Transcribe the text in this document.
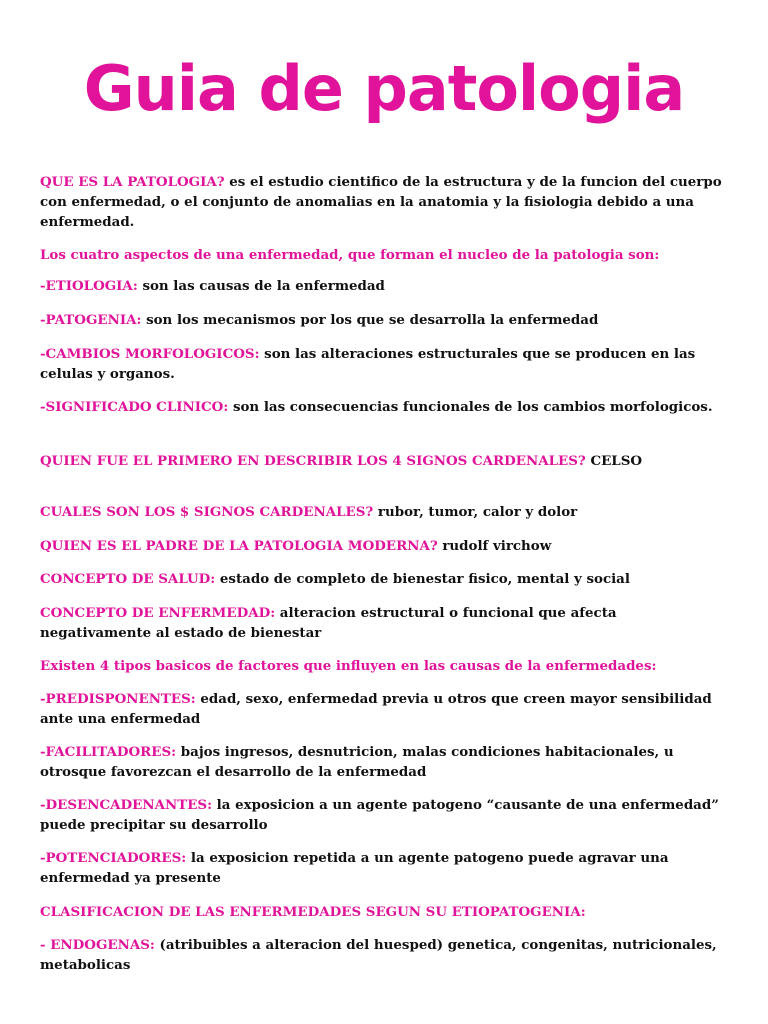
Guia de patologia

QUE ES LA PATOLOGIA? es el estudio cientifico de la estructura y de la funcion del cuerpo con enfermedad, o el conjunto de anomalias en la anatomia y la fisiologia debido a una enfermedad.

Los cuatro aspectos de una enfermedad, que forman el nucleo de la patologia son:

-ETIOLOGIA: son las causas de la enfermedad

-PATOGENIA: son los mecanismos por los que se desarrolla la enfermedad

-CAMBIOS MORFOLOGICOS: son las alteraciones estructurales que se producen en las celulas y organos.

-SIGNIFICADO CLINICO: son las consecuencias funcionales de los cambios morfologicos.

QUIEN FUE EL PRIMERO EN DESCRIBIR LOS 4 SIGNOS CARDENALES? CELSO

CUALES SON LOS $ SIGNOS CARDENALES? rubor, tumor, calor y dolor

QUIEN ES EL PADRE DE LA PATOLOGIA MODERNA? rudolf virchow

CONCEPTO DE SALUD: estado de completo de bienestar fisico, mental y social

CONCEPTO DE ENFERMEDAD: alteracion estructural o funcional que afecta negativamente al estado de bienestar

Existen 4 tipos basicos de factores que influyen en las causas de la enfermedades:

-PREDISPONENTES: edad, sexo, enfermedad previa u otros que creen mayor sensibilidad ante una enfermedad

-FACILITADORES: bajos ingresos, desnutricion, malas condiciones habitacionales, u otrosque favorezcan el desarrollo de la enfermedad

-DESENCADENANTES: la exposicion a un agente patogeno “causante de una enfermedad” puede precipitar su desarrollo

-POTENCIADORES: la exposicion repetida a un agente patogeno puede agravar una enfermedad ya presente

CLASIFICACION DE LAS ENFERMEDADES SEGUN SU ETIOPATOGENIA:

- ENDOGENAS: (atribuibles a alteracion del huesped) genetica, congenitas, nutricionales, metabolicas
